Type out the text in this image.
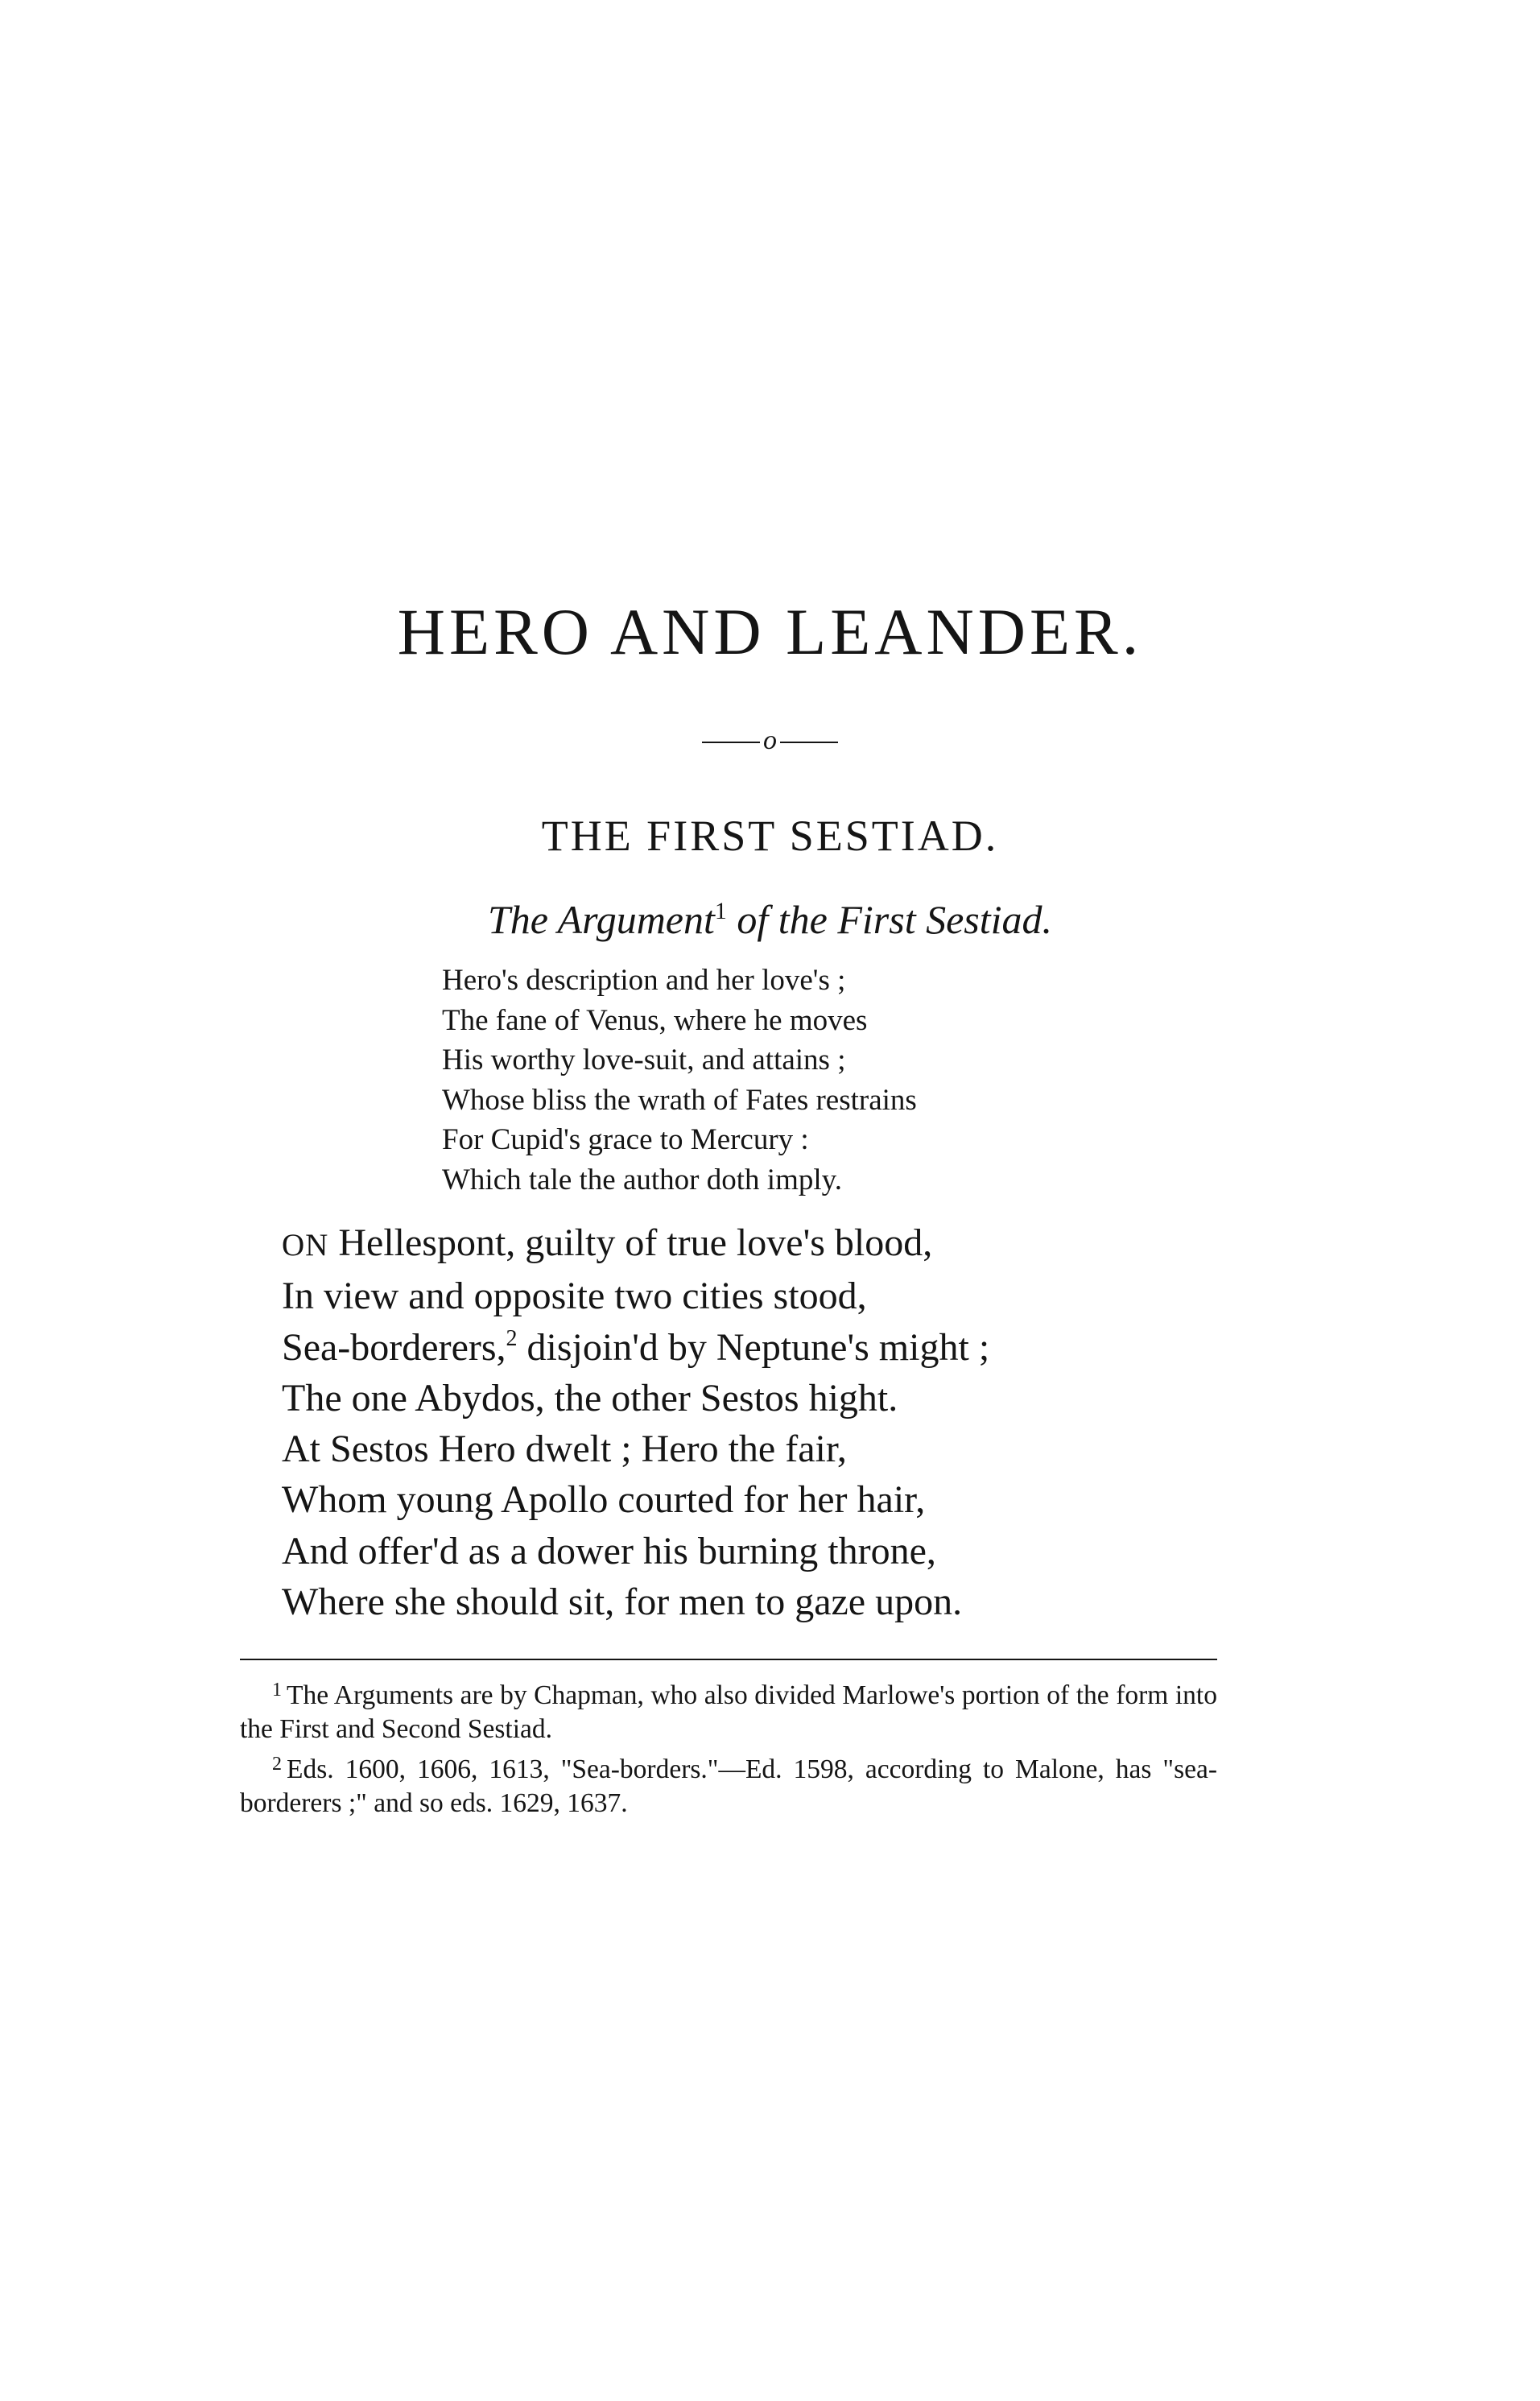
HERO AND LEANDER.
o
THE FIRST SESTIAD.
The Argument$^1$ of the First Sestiad.
Hero's description and her love's ;
The fane of Venus, where he moves
His worthy love-suit, and attains ;
Whose bliss the wrath of Fates restrains
For Cupid's grace to Mercury :
Which tale the author doth imply.
ON Hellespont, guilty of true love's blood,
In view and opposite two cities stood,
Sea-borderers,$^2$ disjoin'd by Neptune's might ;
The one Abydos, the other Sestos hight.
At Sestos Hero dwelt ; Hero the fair,
Whom young Apollo courted for her hair,
And offer'd as a dower his burning throne,
Where she should sit, for men to gaze upon.

$^1$ The Arguments are by Chapman, who also divided Marlowe's portion of the form into the First and Second Sestiad.

$^2$ Eds. 1600, 1606, 1613, "Sea-borders."—Ed. 1598, according to Malone, has "sea-borderers ;" and so eds. 1629, 1637.
